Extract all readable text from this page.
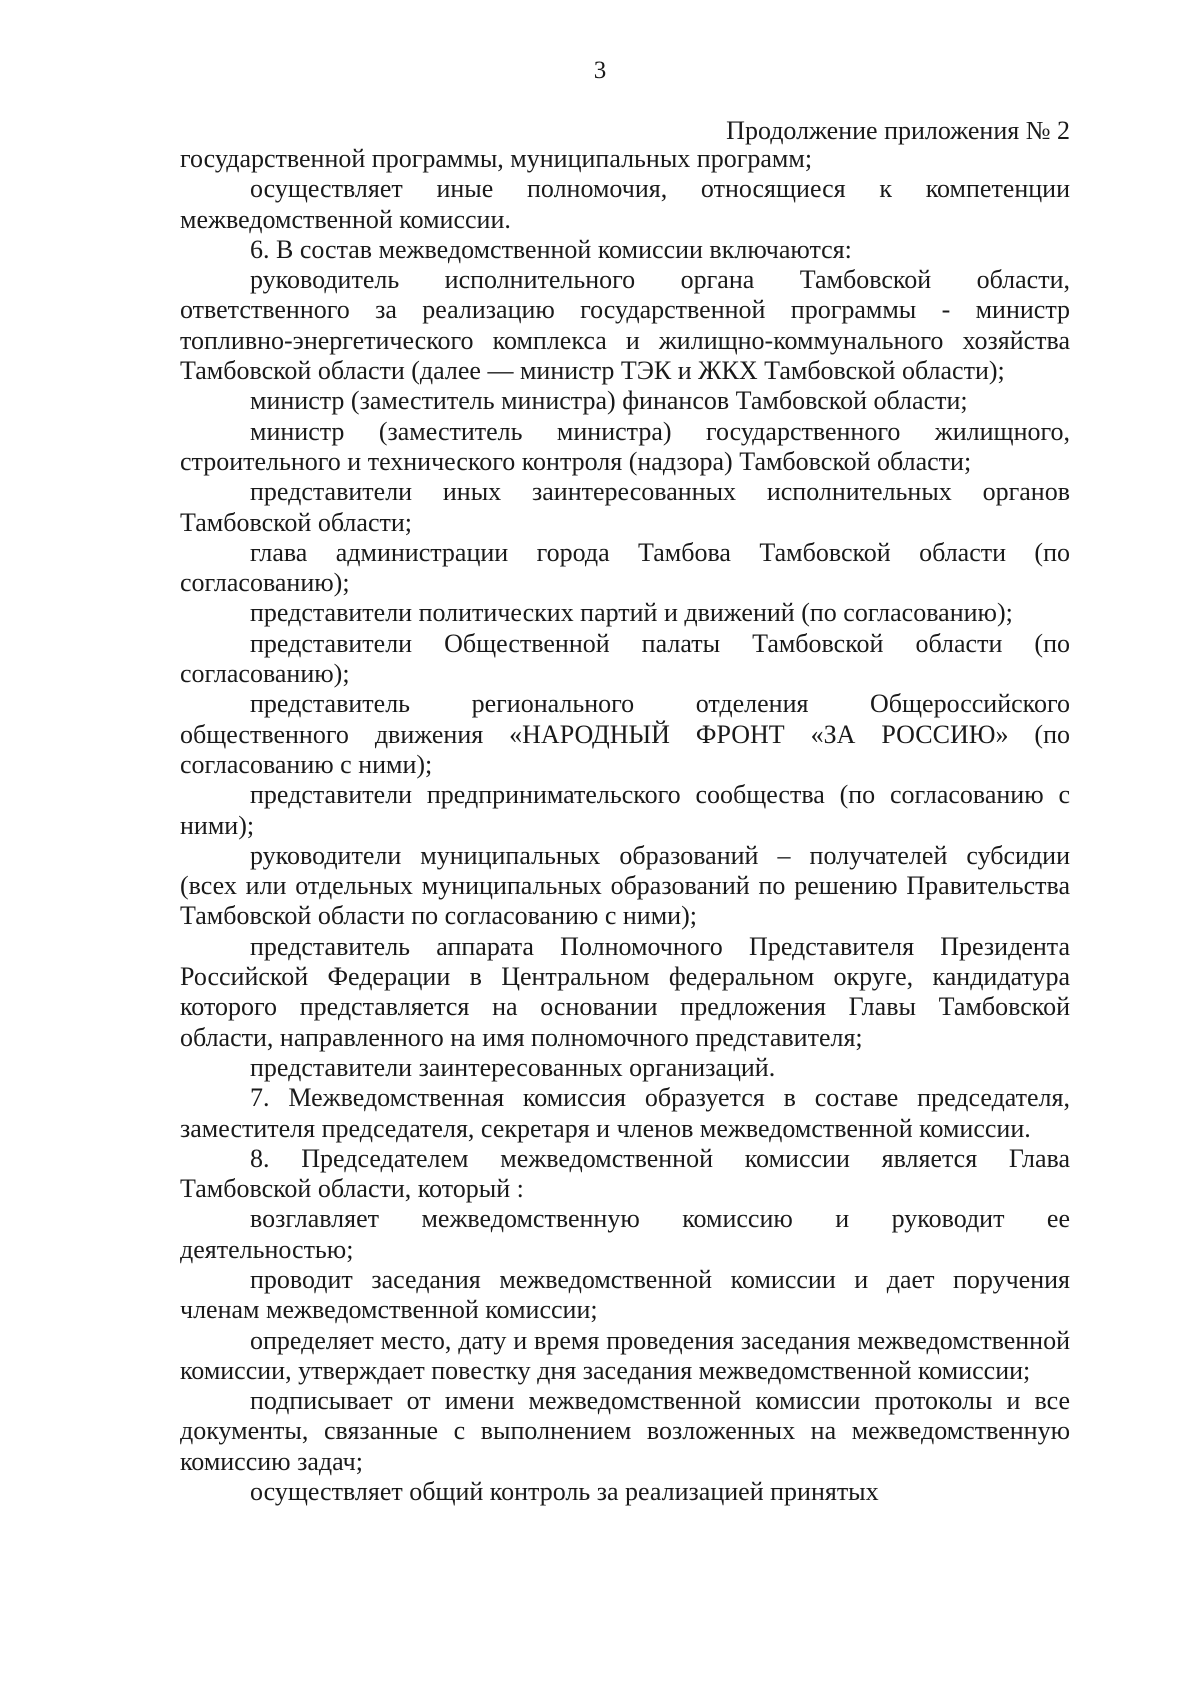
3
Продолжение приложения № 2

государственной программы, муниципальных программ;

осуществляет иные полномочия, относящиеся к компетенции межведомственной комиссии.

6. В состав межведомственной комиссии включаются:

руководитель исполнительного органа Тамбовской области, ответственного за реализацию государственной программы - министр топливно-энергетического комплекса и жилищно-коммунального хозяйства Тамбовской области (далее — министр ТЭК и ЖКХ Тамбовской области);

министр (заместитель министра) финансов Тамбовской области;

министр (заместитель министра) государственного жилищного, строительного и технического контроля (надзора) Тамбовской области;

представители иных заинтересованных исполнительных органов Тамбовской области;

глава администрации города Тамбова Тамбовской области (по согласованию);

представители политических партий и движений (по согласованию);

представители Общественной палаты Тамбовской области (по согласованию);

представитель регионального отделения Общероссийского общественного движения «НАРОДНЫЙ ФРОНТ «ЗА РОССИЮ» (по согласованию с ними);

представители предпринимательского сообщества (по согласованию с ними);

руководители муниципальных образований – получателей субсидии (всех или отдельных муниципальных образований по решению Правительства Тамбовской области по согласованию с ними);

представитель аппарата Полномочного Представителя Президента Российской Федерации в Центральном федеральном округе, кандидатура которого представляется на основании предложения Главы Тамбовской области, направленного на имя полномочного представителя;

представители заинтересованных организаций.

7. Межведомственная комиссия образуется в составе председателя, заместителя председателя, секретаря и членов межведомственной комиссии.

8. Председателем межведомственной комиссии является Глава Тамбовской области, который :

возглавляет межведомственную комиссию и руководит ее деятельностью;

проводит заседания межведомственной комиссии и дает поручения членам межведомственной комиссии;

определяет место, дату и время проведения заседания межведомственной комиссии, утверждает повестку дня заседания межведомственной комиссии;

подписывает от имени межведомственной комиссии протоколы и все документы, связанные с выполнением возложенных на межведомственную комиссию задач;

осуществляет общий контроль за реализацией принятых
